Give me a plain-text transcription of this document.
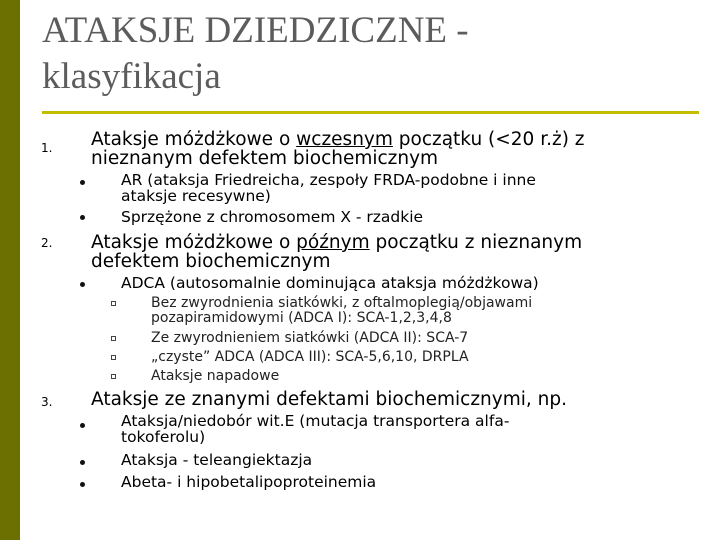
ATAKSJE DZIEDZICZNE -
klasyfikacja
1. Ataksje móżdżkowe o wczesnym początku (<20 r.ż) z
nieznanym defektem biochemicznym
AR (ataksja Friedreicha, zespoły FRDA-podobne i inne
ataksje recesywne)
Sprzężone z chromosomem X - rzadkie
2. Ataksje móżdżkowe o późnym początku z nieznanym
defektem biochemicznym
ADCA (autosomalnie dominująca ataksja móżdżkowa)
Bez zwyrodnienia siatkówki, z oftalmoplegią/objawami
pozapiramidowymi (ADCA I): SCA-1,2,3,4,8
Ze zwyrodnieniem siatkówki (ADCA II): SCA-7
„czyste” ADCA (ADCA III): SCA-5,6,10, DRPLA
Ataksje napadowe
3. Ataksje ze znanymi defektami biochemicznymi, np.
Ataksja/niedobór wit.E (mutacja transportera alfa-
tokoferolu)
Ataksja - teleangiektazja
Abeta- i hipobetalipoproteinemia
